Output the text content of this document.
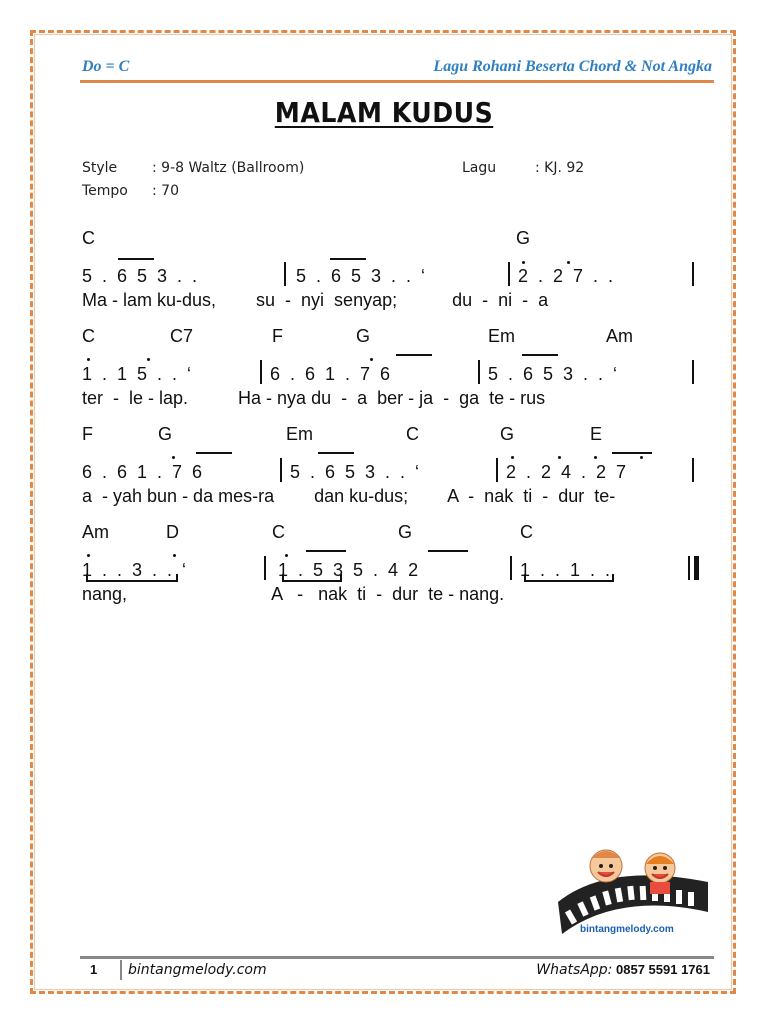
Do = C	Lagu Rohani Beserta Chord & Not Angka
MALAM KUDUS
Style : 9-8 Waltz (Ballroom)
Tempo : 70
Lagu	: KJ. 92
C	G
5  .  6  5  3  .  .	5  .  6  5  3  .  .  ‘	2  .  2  7  .  .
Ma - lam ku-dus,        su  -  nyi  senyap;           du  -  ni  -  a
C	C7	F	G	Em	Am
1  .  1  5  .  .  ‘	6  .  6  1  .  7  6	5  .  6  5  3  .  .  ‘
ter  -  le - lap.          Ha - nya du  -  a  ber - ja  -  ga  te - rus
F	G	Em	C	G	E
6  .  6  1  .  7  6	5  .  6  5  3  .  .  ‘	2  .  2  4  .  2  7
a  - yah bun - da mes-ra        dan ku-dus;        A  -  nak  ti  -  dur  te-
Am	D	C	G	C
1  .  .  3  .  .  ‘	1  .  5  3  5  .  4  2	1  .  .  1  .  .
nang,                             A   -   nak  ti  -  dur  te - nang.
bintangmelody.com
1 bintangmelody.com	WhatsApp: 0857 5591 1761
